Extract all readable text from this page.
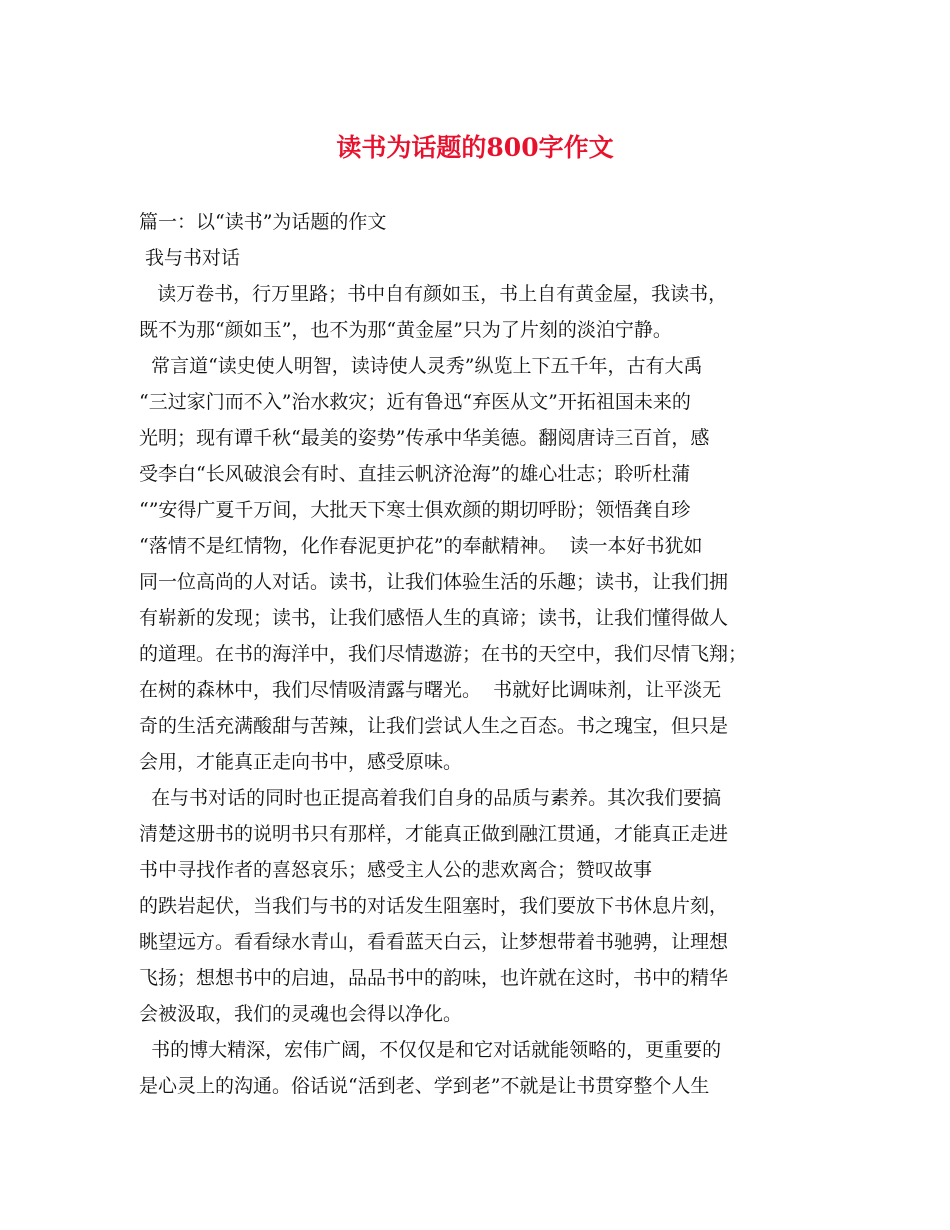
读书为话题的800字作文
篇一：以“读书”为话题的作文
我与书对话
读万卷书，行万里路；书中自有颜如玉，书上自有黄金屋，我读书，
既不为那“颜如玉”，也不为那“黄金屋”只为了片刻的淡泊宁静。
常言道“读史使人明智，读诗使人灵秀”纵览上下五千年，古有大禹
“三过家门而不入”治水救灾；近有鲁迅“弃医从文”开拓祖国未来的
光明；现有谭千秋“最美的姿势”传承中华美德。翻阅唐诗三百首，感
受李白“长风破浪会有时、直挂云帆济沧海”的雄心壮志；聆听杜蒲
“”安得广夏千万间，大批天下寒士俱欢颜的期切呼盼；领悟龚自珍
“落情不是红情物，化作春泥更护花”的奉献精神。  读一本好书犹如
同一位高尚的人对话。读书，让我们体验生活的乐趣；读书，让我们拥
有崭新的发现；读书，让我们感悟人生的真谛；读书，让我们懂得做人
的道理。在书的海洋中，我们尽情遨游；在书的天空中，我们尽情飞翔；
在树的森林中，我们尽情吸清露与曙光。  书就好比调味剂，让平淡无
奇的生活充满酸甜与苦辣，让我们尝试人生之百态。书之瑰宝，但只是
会用，才能真正走向书中，感受原味。
在与书对话的同时也正提高着我们自身的品质与素养。其次我们要搞
清楚这册书的说明书只有那样，才能真正做到融江贯通，才能真正走进
书中寻找作者的喜怒哀乐；感受主人公的悲欢离合；赞叹故事
的跌岩起伏，当我们与书的对话发生阻塞时，我们要放下书休息片刻，
眺望远方。看看绿水青山，看看蓝天白云，让梦想带着书驰骋，让理想
飞扬；想想书中的启迪，品品书中的韵味，也许就在这时，书中的精华
会被汲取，我们的灵魂也会得以净化。
书的博大精深，宏伟广阔，不仅仅是和它对话就能领略的，更重要的
是心灵上的沟通。俗话说“活到老、学到老”不就是让书贯穿整个人生
